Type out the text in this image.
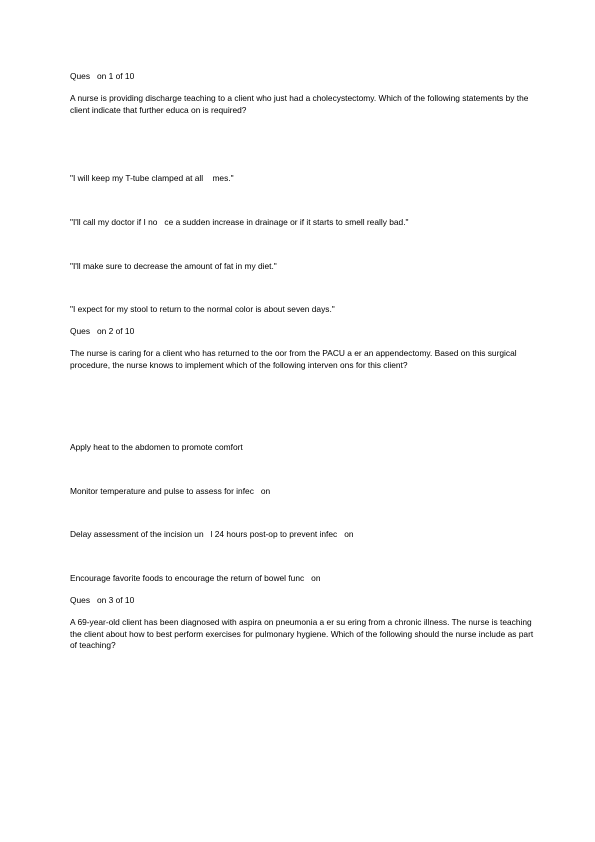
Ques   on 1 of 10
A nurse is providing discharge teaching to a client who just had a cholecystectomy. Which of the following statements by the client indicate that further educa on is required?
"I will keep my T-tube clamped at all    mes."
"I'll call my doctor if I no   ce a sudden increase in drainage or if it starts to smell really bad."
"I'll make sure to decrease the amount of fat in my diet."
"I expect for my stool to return to the normal color is about seven days."
Ques   on 2 of 10
The nurse is caring for a client who has returned to the oor from the PACU a er an appendectomy. Based on this surgical procedure, the nurse knows to implement which of the following interven ons for this client?
Apply heat to the abdomen to promote comfort
Monitor temperature and pulse to assess for infec   on
Delay assessment of the incision un   l 24 hours post-op to prevent infec   on
Encourage favorite foods to encourage the return of bowel func   on
Ques   on 3 of 10
A 69-year-old client has been diagnosed with aspira on pneumonia a er su ering from a chronic illness. The nurse is teaching the client about how to best perform exercises for pulmonary hygiene. Which of the following should the nurse include as part of teaching?
